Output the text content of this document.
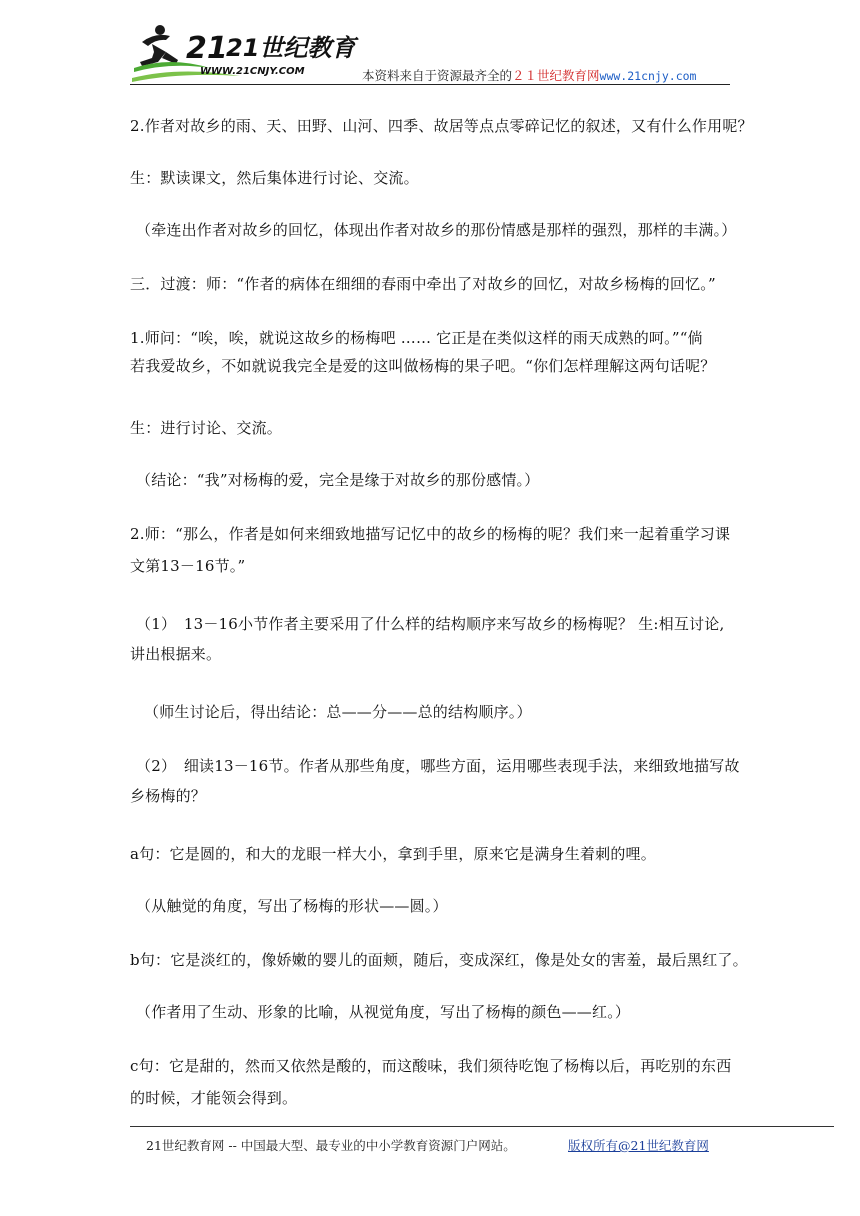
21
21世纪教育
WWW.21CNJY.COM	本资料来自于资源最齐全的２１世纪教育网www.21cnjy.com
2.作者对故乡的雨、天、田野、山河、四季、故居等点点零碎记忆的叙述，又有什么作用呢？
生：默读课文，然后集体进行讨论、交流。
（牵连出作者对故乡的回忆，体现出作者对故乡的那份情感是那样的强烈，那样的丰满。）
三．过渡：师：“作者的病体在细细的春雨中牵出了对故乡的回忆，对故乡杨梅的回忆。”
1.师问：“唉，唉，就说这故乡的杨梅吧 …… 它正是在类似这样的雨天成熟的呵。”“倘
若我爱故乡，不如就说我完全是爱的这叫做杨梅的果子吧。“你们怎样理解这两句话呢？
生：进行讨论、交流。
（结论：“我”对杨梅的爱，完全是缘于对故乡的那份感情。）
2.师：“那么，作者是如何来细致地描写记忆中的故乡的杨梅的呢？我们来一起着重学习课
文第13－16节。”
（1）　13－16小节作者主要采用了什么样的结构顺序来写故乡的杨梅呢？ 生:相互讨论,
讲出根据来。
（师生讨论后，得出结论：总——分——总的结构顺序。）
（2）　细读13－16节。作者从那些角度，哪些方面，运用哪些表现手法，来细致地描写故
乡杨梅的？
a句：它是圆的，和大的龙眼一样大小，拿到手里，原来它是满身生着刺的哩。
（从触觉的角度，写出了杨梅的形状——圆。）
b句：它是淡红的，像娇嫩的婴儿的面颊，随后，变成深红，像是处女的害羞，最后黑红了。
（作者用了生动、形象的比喻，从视觉角度，写出了杨梅的颜色——红。）
c句：它是甜的，然而又依然是酸的，而这酸味，我们须待吃饱了杨梅以后，再吃别的东西
的时候，才能领会得到。
21世纪教育网 -- 中国最大型、最专业的中小学教育资源门户网站。	版权所有@21世纪教育网
